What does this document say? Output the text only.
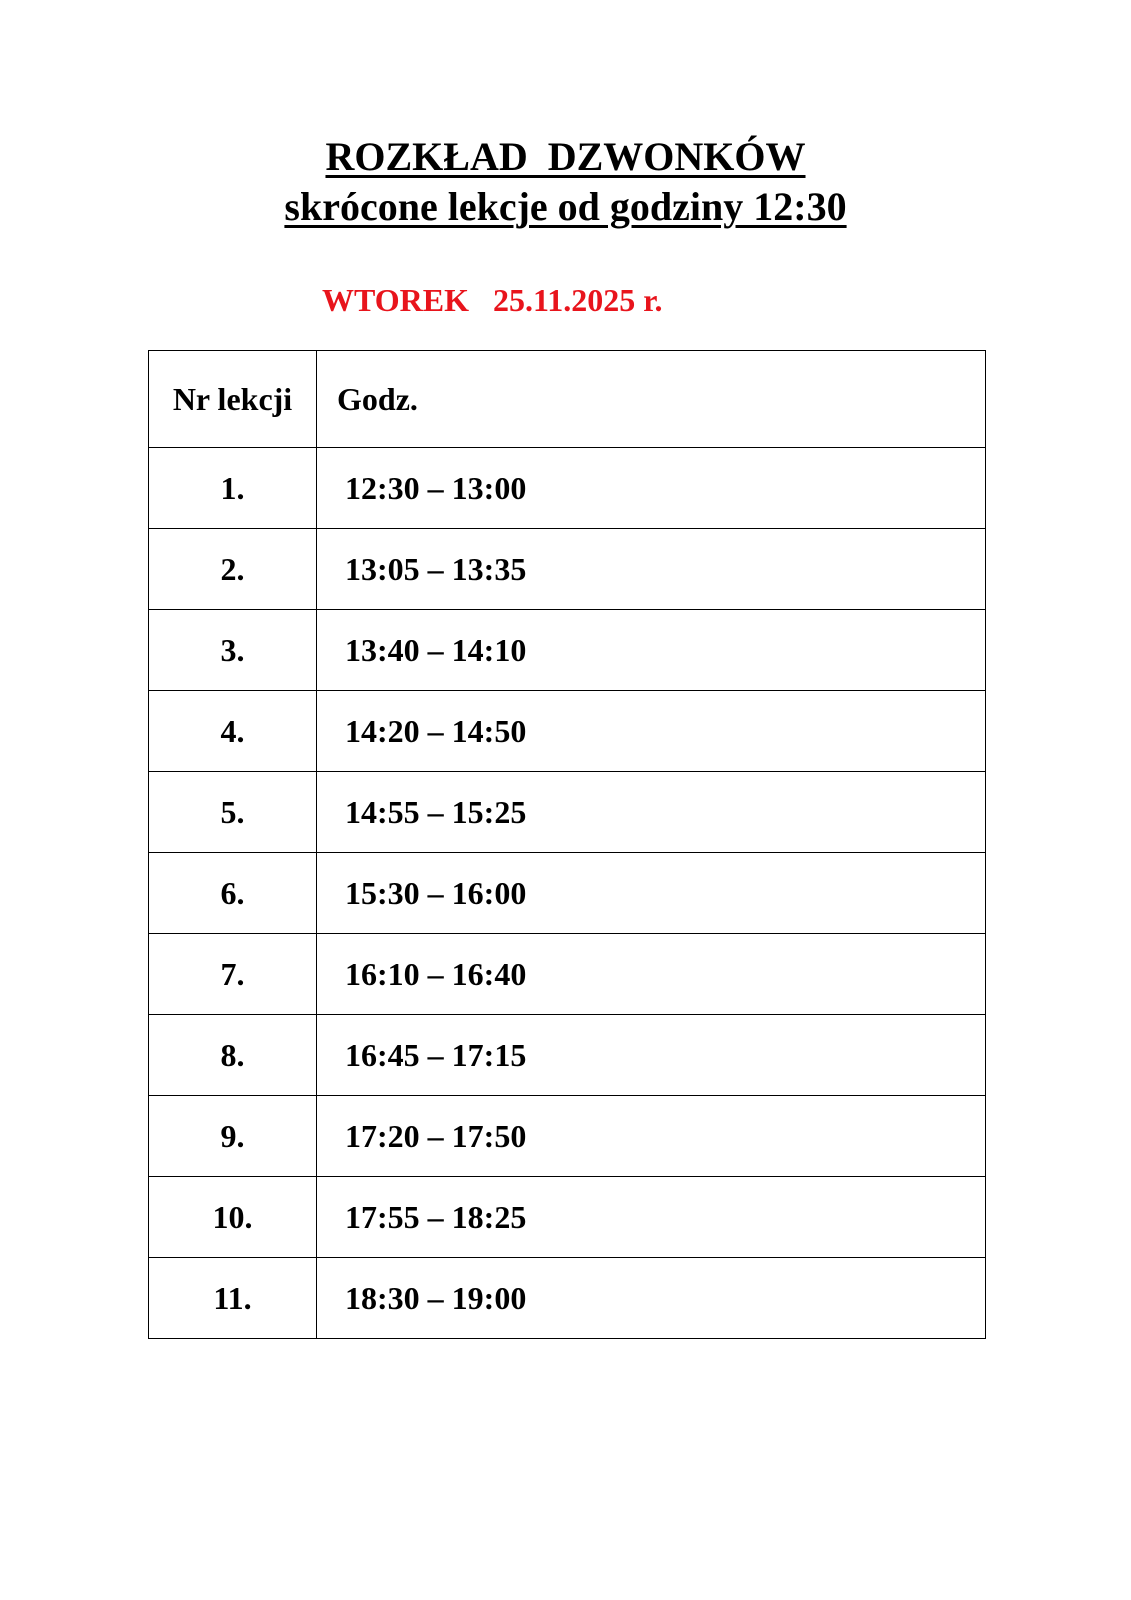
ROZKŁAD  DZWONKÓW
skrócone lekcje od godziny 12:30
WTOREK   25.11.2025 r.
Nr lekcji	Godz.
1.	12:30 – 13:00
2.	13:05 – 13:35
3.	13:40 – 14:10
4.	14:20 – 14:50
5.	14:55 – 15:25
6.	15:30 – 16:00
7.	16:10 – 16:40
8.	16:45 – 17:15
9.	17:20 – 17:50
10.	17:55 – 18:25
11.	18:30 – 19:00
